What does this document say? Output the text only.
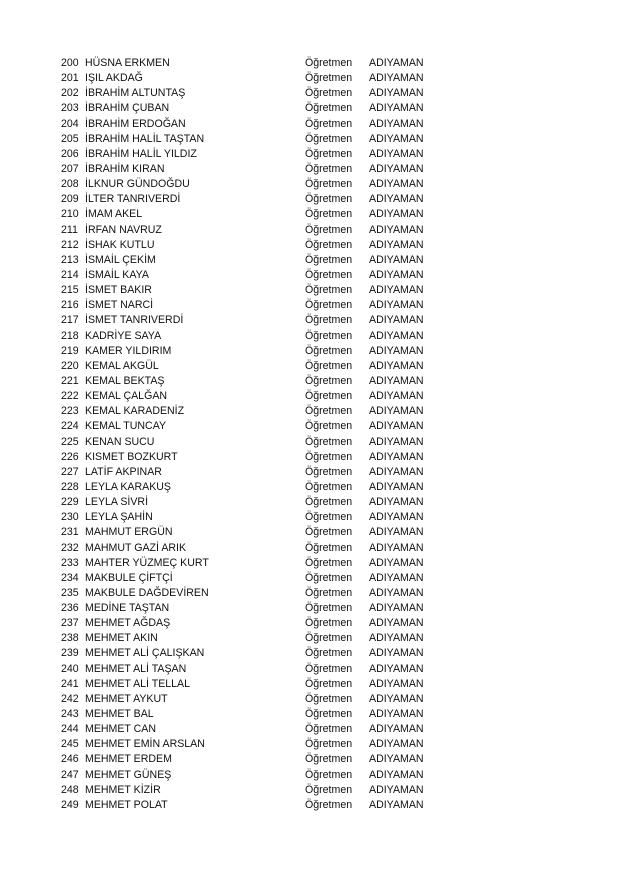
200 HÜSNA ERKMEN	Öğretmen ADIYAMAN
201 IŞIL AKDAĞ	Öğretmen ADIYAMAN
202 İBRAHİM ALTUNTAŞ	Öğretmen ADIYAMAN
203 İBRAHİM ÇUBAN	Öğretmen ADIYAMAN
204 İBRAHİM ERDOĞAN	Öğretmen ADIYAMAN
205 İBRAHİM HALİL TAŞTAN	Öğretmen ADIYAMAN
206 İBRAHİM HALİL YILDIZ	Öğretmen ADIYAMAN
207 İBRAHİM KIRAN	Öğretmen ADIYAMAN
208 İLKNUR GÜNDOĞDU	Öğretmen ADIYAMAN
209 İLTER TANRIVERDİ	Öğretmen ADIYAMAN
210 İMAM AKEL	Öğretmen ADIYAMAN
211 İRFAN NAVRUZ	Öğretmen ADIYAMAN
212 İSHAK KUTLU	Öğretmen ADIYAMAN
213 İSMAİL ÇEKİM	Öğretmen ADIYAMAN
214 İSMAİL KAYA	Öğretmen ADIYAMAN
215 İSMET BAKIR	Öğretmen ADIYAMAN
216 İSMET NARCİ	Öğretmen ADIYAMAN
217 İSMET TANRIVERDİ	Öğretmen ADIYAMAN
218 KADRİYE SAYA	Öğretmen ADIYAMAN
219 KAMER YILDIRIM	Öğretmen ADIYAMAN
220 KEMAL AKGÜL	Öğretmen ADIYAMAN
221 KEMAL BEKTAŞ	Öğretmen ADIYAMAN
222 KEMAL ÇALĞAN	Öğretmen ADIYAMAN
223 KEMAL KARADENİZ	Öğretmen ADIYAMAN
224 KEMAL TUNCAY	Öğretmen ADIYAMAN
225 KENAN SUCU	Öğretmen ADIYAMAN
226 KISMET BOZKURT	Öğretmen ADIYAMAN
227 LATİF AKPINAR	Öğretmen ADIYAMAN
228 LEYLA KARAKUŞ	Öğretmen ADIYAMAN
229 LEYLA SİVRİ	Öğretmen ADIYAMAN
230 LEYLA ŞAHİN	Öğretmen ADIYAMAN
231 MAHMUT ERGÜN	Öğretmen ADIYAMAN
232 MAHMUT GAZİ ARIK	Öğretmen ADIYAMAN
233 MAHTER YÜZMEÇ KURT	Öğretmen ADIYAMAN
234 MAKBULE ÇİFTÇİ	Öğretmen ADIYAMAN
235 MAKBULE DAĞDEVİREN	Öğretmen ADIYAMAN
236 MEDİNE TAŞTAN	Öğretmen ADIYAMAN
237 MEHMET AĞDAŞ	Öğretmen ADIYAMAN
238 MEHMET AKIN	Öğretmen ADIYAMAN
239 MEHMET ALİ ÇALIŞKAN	Öğretmen ADIYAMAN
240 MEHMET ALİ TAŞAN	Öğretmen ADIYAMAN
241 MEHMET ALİ TELLAL	Öğretmen ADIYAMAN
242 MEHMET AYKUT	Öğretmen ADIYAMAN
243 MEHMET BAL	Öğretmen ADIYAMAN
244 MEHMET CAN	Öğretmen ADIYAMAN
245 MEHMET EMİN ARSLAN	Öğretmen ADIYAMAN
246 MEHMET ERDEM	Öğretmen ADIYAMAN
247 MEHMET GÜNEŞ	Öğretmen ADIYAMAN
248 MEHMET KİZİR	Öğretmen ADIYAMAN
249 MEHMET POLAT	Öğretmen ADIYAMAN
